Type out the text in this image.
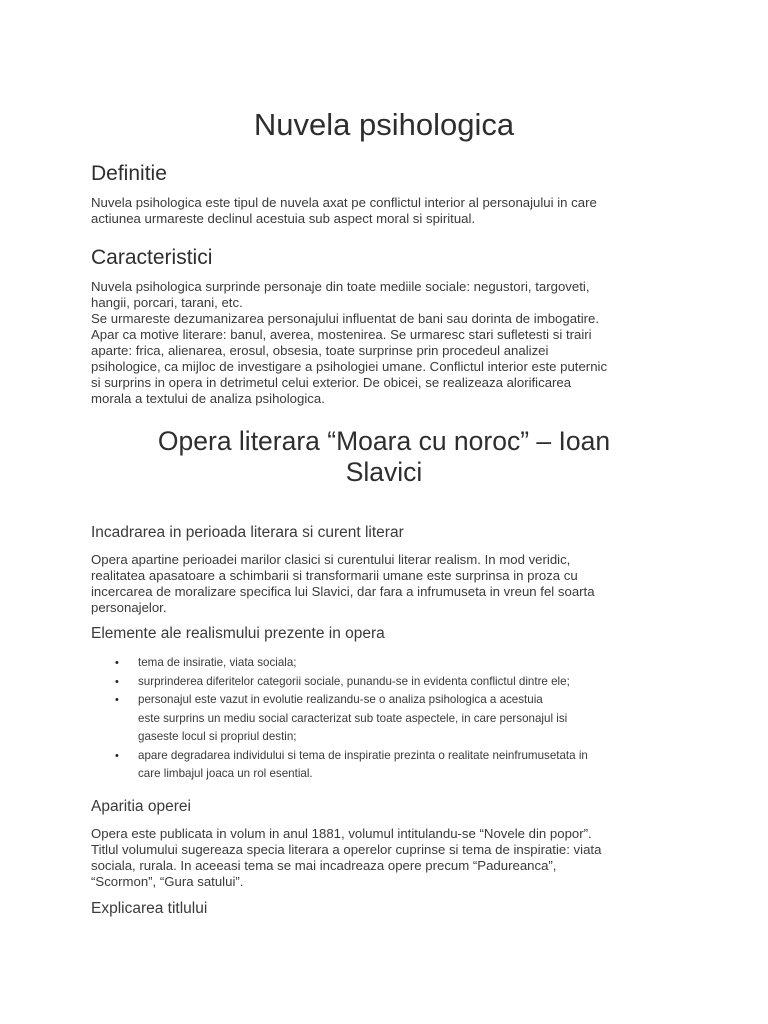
Nuvela psihologica
Definitie

Nuvela psihologica este tipul de nuvela axat pe conflictul interior al personajului in care
actiunea urmareste declinul acestuia sub aspect moral si spiritual.

Caracteristici

Nuvela psihologica surprinde personaje din toate mediile sociale: negustori, targoveti,
hangii, porcari, tarani, etc.
Se urmareste dezumanizarea personajului influentat de bani sau dorinta de imbogatire.
Apar ca motive literare: banul, averea, mostenirea. Se urmaresc stari sufletesti si trairi
aparte: frica, alienarea, erosul, obsesia, toate surprinse prin procedeul analizei
psihologice, ca mijloc de investigare a psihologiei umane. Conflictul interior este puternic
si surprins in opera in detrimetul celui exterior. De obicei, se realizeaza alorificarea
morala a textului de analiza psihologica.

Opera literara “Moara cu noroc” – Ioan
Slavici
Incadrarea in perioada literara si curent literar

Opera apartine perioadei marilor clasici si curentului literar realism. In mod veridic,
realitatea apasatoare a schimbarii si transformarii umane este surprinsa in proza cu
incercarea de moralizare specifica lui Slavici, dar fara a infrumuseta in vreun fel soarta
personajelor.

Elemente ale realismului prezente in opera
• tema de insiratie, viata sociala;
• surprinderea diferitelor categorii sociale, punandu-se in evidenta conflictul dintre ele;
• personajul este vazut in evolutie realizandu-se o analiza psihologica a acestuia
este surprins un mediu social caracterizat sub toate aspectele, in care personajul isi
gaseste locul si propriul destin;
• apare degradarea individului si tema de inspiratie prezinta o realitate neinfrumusetata in
care limbajul joaca un rol esential.
Aparitia operei

Opera este publicata in volum in anul 1881, volumul intitulandu-se “Novele din popor”.
Titlul volumului sugereaza specia literara a operelor cuprinse si tema de inspiratie: viata
sociala, rurala. In aceeasi tema se mai incadreaza opere precum “Padureanca”,
“Scormon”, “Gura satului”.

Explicarea titlului
